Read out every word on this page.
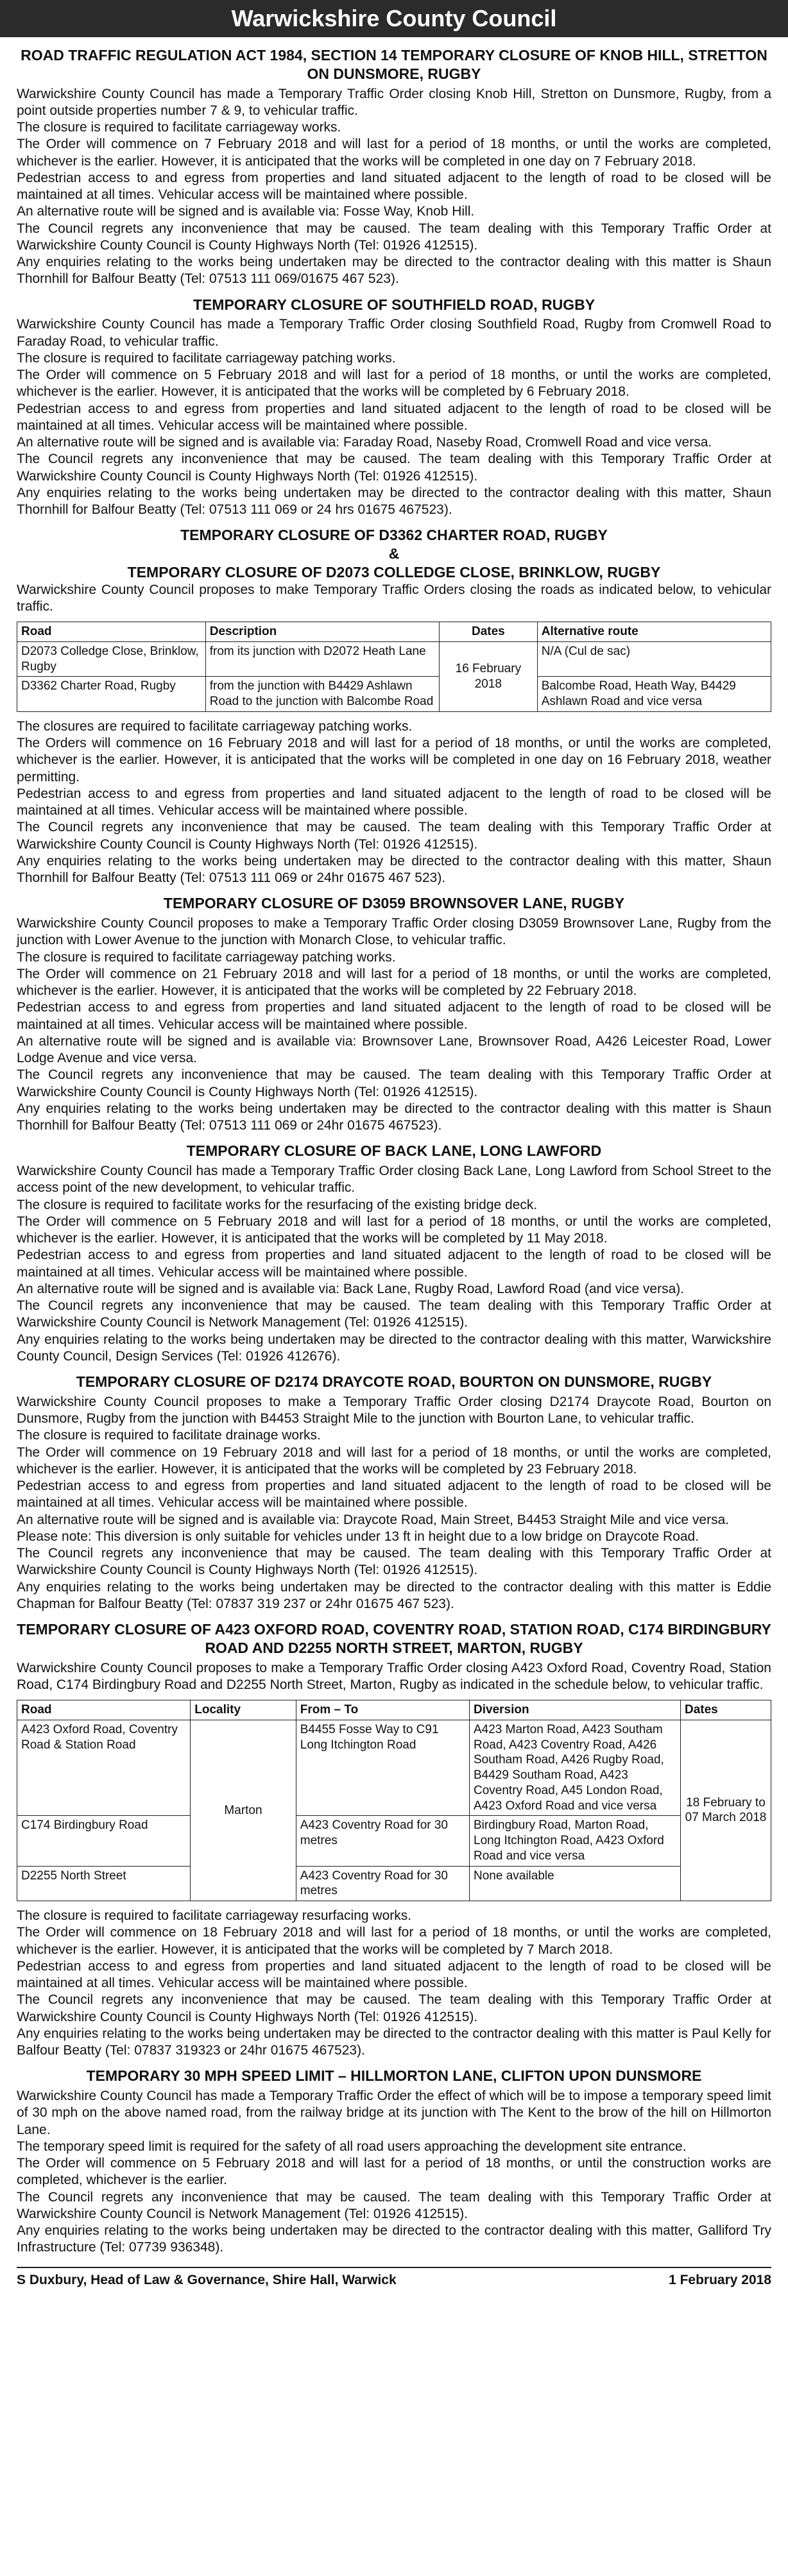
Warwickshire County Council
ROAD TRAFFIC REGULATION ACT 1984, SECTION 14 TEMPORARY CLOSURE OF KNOB HILL, STRETTON ON DUNSMORE, RUGBY

Warwickshire County Council has made a Temporary Traffic Order closing Knob Hill, Stretton on Dunsmore, Rugby, from a point outside properties number 7 & 9, to vehicular traffic.

The closure is required to facilitate carriageway works.

The Order will commence on 7 February 2018 and will last for a period of 18 months, or until the works are completed, whichever is the earlier. However, it is anticipated that the works will be completed in one day on 7 February 2018.

Pedestrian access to and egress from properties and land situated adjacent to the length of road to be closed will be maintained at all times. Vehicular access will be maintained where possible.

An alternative route will be signed and is available via: Fosse Way, Knob Hill.

The Council regrets any inconvenience that may be caused. The team dealing with this Temporary Traffic Order at Warwickshire County Council is County Highways North (Tel: 01926 412515).

Any enquiries relating to the works being undertaken may be directed to the contractor dealing with this matter is Shaun Thornhill for Balfour Beatty (Tel: 07513 111 069/01675 467 523).

TEMPORARY CLOSURE OF SOUTHFIELD ROAD, RUGBY

Warwickshire County Council has made a Temporary Traffic Order closing Southfield Road, Rugby from Cromwell Road to Faraday Road, to vehicular traffic.

The closure is required to facilitate carriageway patching works.

The Order will commence on 5 February 2018 and will last for a period of 18 months, or until the works are completed, whichever is the earlier. However, it is anticipated that the works will be completed by 6 February 2018.

Pedestrian access to and egress from properties and land situated adjacent to the length of road to be closed will be maintained at all times. Vehicular access will be maintained where possible.

An alternative route will be signed and is available via: Faraday Road, Naseby Road, Cromwell Road and vice versa.

The Council regrets any inconvenience that may be caused. The team dealing with this Temporary Traffic Order at Warwickshire County Council is County Highways North (Tel: 01926 412515).

Any enquiries relating to the works being undertaken may be directed to the contractor dealing with this matter, Shaun Thornhill for Balfour Beatty (Tel: 07513 111 069 or 24 hrs 01675 467523).

TEMPORARY CLOSURE OF D3362 CHARTER ROAD, RUGBY
&
TEMPORARY CLOSURE OF D2073 COLLEDGE CLOSE, BRINKLOW, RUGBY

Warwickshire County Council proposes to make Temporary Traffic Orders closing the roads as indicated below, to vehicular traffic.

Road	Description	Dates	Alternative route
D2073 Colledge Close, Brinklow, Rugby	from its junction with D2072 Heath Lane	16 February 2018	N/A (Cul de sac)
D3362 Charter Road, Rugby	from the junction with B4429 Ashlawn Road to the junction with Balcombe Road		Balcombe Road, Heath Way, B4429 Ashlawn Road and vice versa

The closures are required to facilitate carriageway patching works.

The Orders will commence on 16 February 2018 and will last for a period of 18 months, or until the works are completed, whichever is the earlier. However, it is anticipated that the works will be completed in one day on 16 February 2018, weather permitting.

Pedestrian access to and egress from properties and land situated adjacent to the length of road to be closed will be maintained at all times. Vehicular access will be maintained where possible.

The Council regrets any inconvenience that may be caused. The team dealing with this Temporary Traffic Order at Warwickshire County Council is County Highways North (Tel: 01926 412515).

Any enquiries relating to the works being undertaken may be directed to the contractor dealing with this matter, Shaun Thornhill for Balfour Beatty (Tel: 07513 111 069 or 24hr 01675 467 523).

TEMPORARY CLOSURE OF D3059 BROWNSOVER LANE, RUGBY

Warwickshire County Council proposes to make a Temporary Traffic Order closing D3059 Brownsover Lane, Rugby from the junction with Lower Avenue to the junction with Monarch Close, to vehicular traffic.

The closure is required to facilitate carriageway patching works.

The Order will commence on 21 February 2018 and will last for a period of 18 months, or until the works are completed, whichever is the earlier. However, it is anticipated that the works will be completed by 22 February 2018.

Pedestrian access to and egress from properties and land situated adjacent to the length of road to be closed will be maintained at all times. Vehicular access will be maintained where possible.

An alternative route will be signed and is available via: Brownsover Lane, Brownsover Road, A426 Leicester Road, Lower Lodge Avenue and vice versa.

The Council regrets any inconvenience that may be caused. The team dealing with this Temporary Traffic Order at Warwickshire County Council is County Highways North (Tel: 01926 412515).

Any enquiries relating to the works being undertaken may be directed to the contractor dealing with this matter is Shaun Thornhill for Balfour Beatty (Tel: 07513 111 069 or 24hr 01675 467523).

TEMPORARY CLOSURE OF BACK LANE, LONG LAWFORD

Warwickshire County Council has made a Temporary Traffic Order closing Back Lane, Long Lawford from School Street to the access point of the new development, to vehicular traffic.

The closure is required to facilitate works for the resurfacing of the existing bridge deck.

The Order will commence on 5 February 2018 and will last for a period of 18 months, or until the works are completed, whichever is the earlier. However, it is anticipated that the works will be completed by 11 May 2018.

Pedestrian access to and egress from properties and land situated adjacent to the length of road to be closed will be maintained at all times. Vehicular access will be maintained where possible.

An alternative route will be signed and is available via: Back Lane, Rugby Road, Lawford Road (and vice versa).

The Council regrets any inconvenience that may be caused. The team dealing with this Temporary Traffic Order at Warwickshire County Council is Network Management (Tel: 01926 412515).

Any enquiries relating to the works being undertaken may be directed to the contractor dealing with this matter, Warwickshire County Council, Design Services (Tel: 01926 412676).

TEMPORARY CLOSURE OF D2174 DRAYCOTE ROAD, BOURTON ON DUNSMORE, RUGBY

Warwickshire County Council proposes to make a Temporary Traffic Order closing D2174 Draycote Road, Bourton on Dunsmore, Rugby from the junction with B4453 Straight Mile to the junction with Bourton Lane, to vehicular traffic.

The closure is required to facilitate drainage works.

The Order will commence on 19 February 2018 and will last for a period of 18 months, or until the works are completed, whichever is the earlier. However, it is anticipated that the works will be completed by 23 February 2018.

Pedestrian access to and egress from properties and land situated adjacent to the length of road to be closed will be maintained at all times. Vehicular access will be maintained where possible.

An alternative route will be signed and is available via: Draycote Road, Main Street, B4453 Straight Mile and vice versa.

Please note: This diversion is only suitable for vehicles under 13 ft in height due to a low bridge on Draycote Road.

The Council regrets any inconvenience that may be caused. The team dealing with this Temporary Traffic Order at Warwickshire County Council is County Highways North (Tel: 01926 412515).

Any enquiries relating to the works being undertaken may be directed to the contractor dealing with this matter is Eddie Chapman for Balfour Beatty (Tel: 07837 319 237 or 24hr 01675 467 523).

TEMPORARY CLOSURE OF A423 OXFORD ROAD, COVENTRY ROAD, STATION ROAD, C174 BIRDINGBURY ROAD AND D2255 NORTH STREET, MARTON, RUGBY

Warwickshire County Council proposes to make a Temporary Traffic Order closing A423 Oxford Road, Coventry Road, Station Road, C174 Birdingbury Road and D2255 North Street, Marton, Rugby as indicated in the schedule below, to vehicular traffic.

Road	Locality	From – To	Diversion	Dates
A423 Oxford Road, Coventry Road & Station Road	Marton	B4455 Fosse Way to C91 Long Itchington Road	A423 Marton Road, A423 Southam Road, A423 Coventry Road, A426 Southam Road, A426 Rugby Road, B4429 Southam Road, A423 Coventry Road, A45 London Road, A423 Oxford Road and vice versa	18 February to 07 March 2018
C174 Birdingbury Road		A423 Coventry Road for 30 metres	Birdingbury Road, Marton Road, Long Itchington Road, A423 Oxford Road and vice versa	
D2255 North Street		A423 Coventry Road for 30 metres	None available	

The closure is required to facilitate carriageway resurfacing works.

The Order will commence on 18 February 2018 and will last for a period of 18 months, or until the works are completed, whichever is the earlier. However, it is anticipated that the works will be completed by 7 March 2018.

Pedestrian access to and egress from properties and land situated adjacent to the length of road to be closed will be maintained at all times. Vehicular access will be maintained where possible.

The Council regrets any inconvenience that may be caused. The team dealing with this Temporary Traffic Order at Warwickshire County Council is County Highways North (Tel: 01926 412515).

Any enquiries relating to the works being undertaken may be directed to the contractor dealing with this matter is Paul Kelly for Balfour Beatty (Tel: 07837 319323 or 24hr 01675 467523).

TEMPORARY 30 MPH SPEED LIMIT – HILLMORTON LANE, CLIFTON UPON DUNSMORE

Warwickshire County Council has made a Temporary Traffic Order the effect of which will be to impose a temporary speed limit of 30 mph on the above named road, from the railway bridge at its junction with The Kent to the brow of the hill on Hillmorton Lane.

The temporary speed limit is required for the safety of all road users approaching the development site entrance.

The Order will commence on 5 February 2018 and will last for a period of 18 months, or until the construction works are completed, whichever is the earlier.

The Council regrets any inconvenience that may be caused. The team dealing with this Temporary Traffic Order at Warwickshire County Council is Network Management (Tel: 01926 412515).

Any enquiries relating to the works being undertaken may be directed to the contractor dealing with this matter, Galliford Try Infrastructure (Tel: 07739 936348).

S Duxbury, Head of Law & Governance, Shire Hall, Warwick	1 February 2018
